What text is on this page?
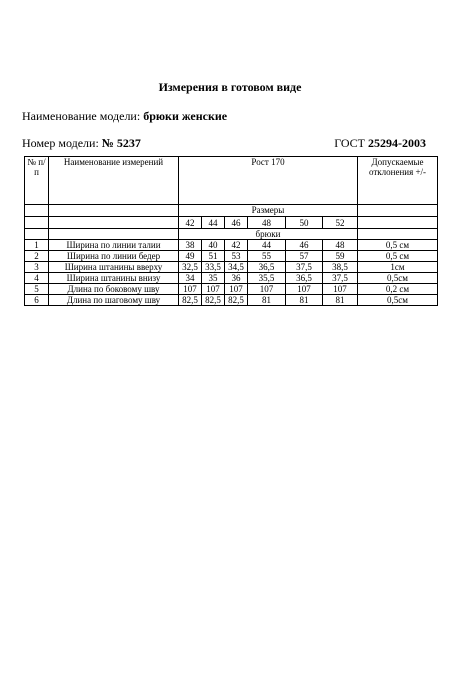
Измерения в готовом виде
Наименование модели: брюки женские
Номер модели: № 5237	ГОСТ 25294-2003
№ п/п	Наименование измерений	Рост 170						Допускаемые отклонения +/-
		Размеры						
		42	44	46	48	50	52	
		брюки						
1	Ширина по линии талии	38	40	42	44	46	48	0,5 см
2	Ширина по линии бедер	49	51	53	55	57	59	0,5 см
3	Ширина штанины вверху	32,5	33,5	34,5	36,5	37,5	38,5	1см
4	Ширина штанины внизу	34	35	36	35,5	36,5	37,5	0,5см
5	Длина по боковому шву	107	107	107	107	107	107	0,2 см
6	Длина по шаговому шву	82,5	82,5	82,5	81	81	81	0,5см
